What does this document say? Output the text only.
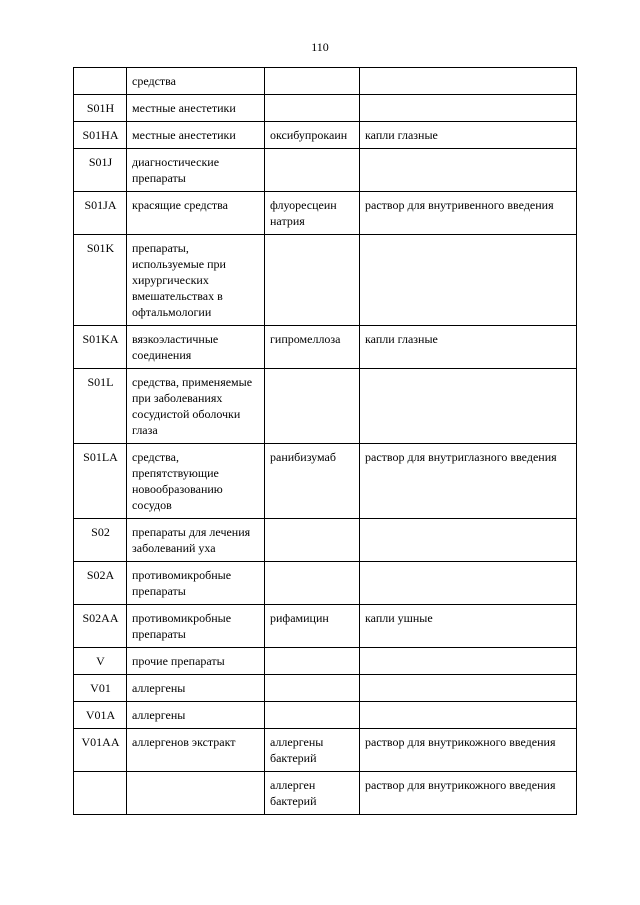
110
	средства		
S01H	местные анестетики		
S01HA	местные анестетики	оксибупрокаин	капли глазные
S01J	диагностические препараты		
S01JA	красящие средства	флуоресцеин натрия	раствор для внутривенного введения
S01K	препараты, используемые при хирургических вмешательствах в офтальмологии		
S01KA	вязкоэластичные соединения	гипромеллоза	капли глазные
S01L	средства, применяемые при заболеваниях сосудистой оболочки глаза		
S01LA	средства, препятствующие новообразованию сосудов	ранибизумаб	раствор для внутриглазного введения
S02	препараты для лечения заболеваний уха		
S02A	противомикробные препараты		
S02AA	противомикробные препараты	рифамицин	капли ушные
V	прочие препараты		
V01	аллергены		
V01A	аллергены		
V01AA	аллергенов экстракт	аллергены бактерий	раствор для внутрикожного введения
		аллерген бактерий	раствор для внутрикожного введения
